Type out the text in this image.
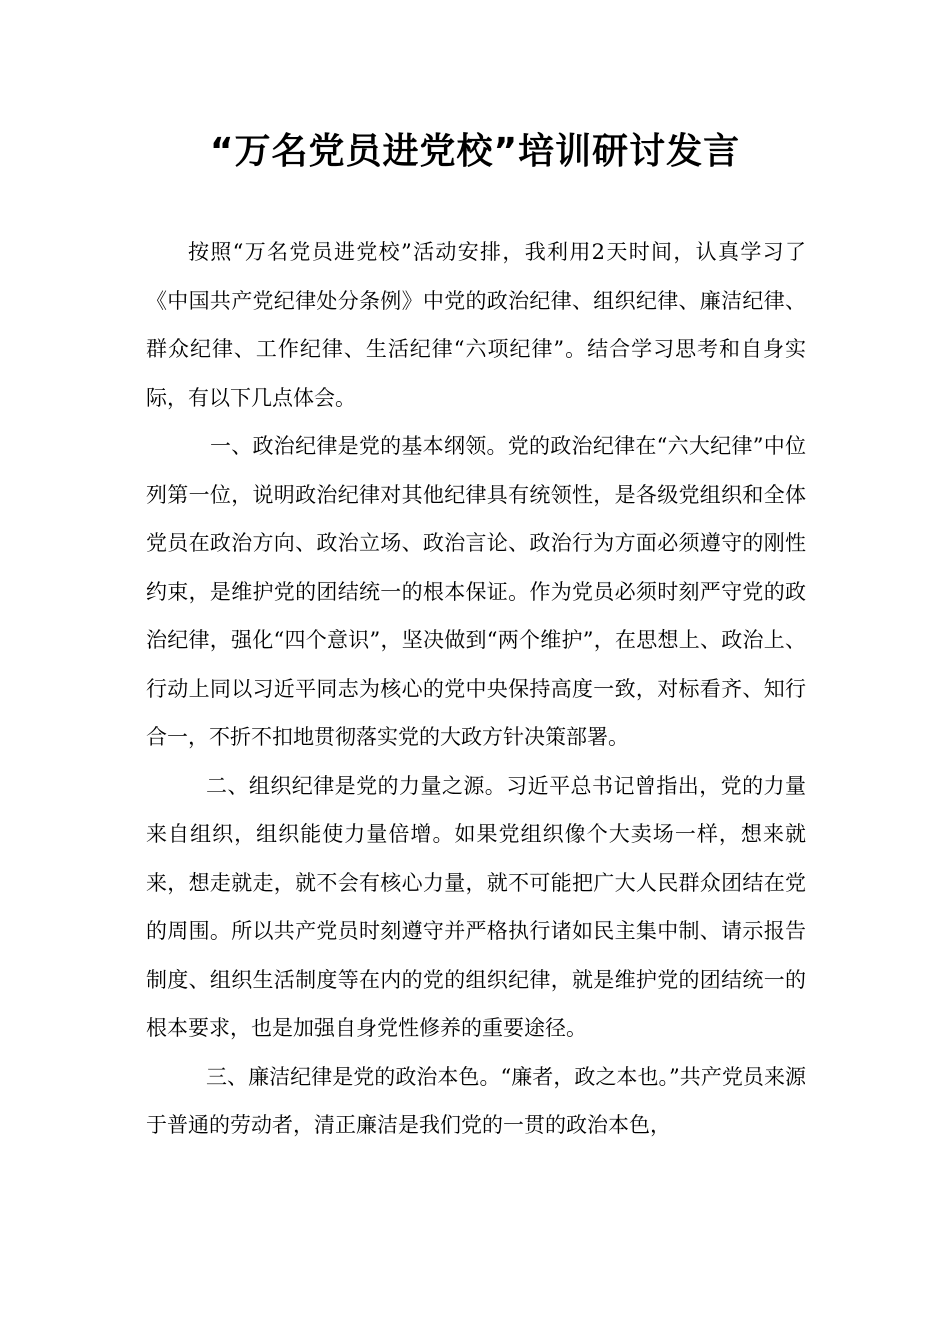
“万名党员进党校”培训研讨发言

按照“万名党员进党校”活动安排，我利用2天时间，认真学习了《中国共产党纪律处分条例》中党的政治纪律、组织纪律、廉洁纪律、群众纪律、工作纪律、生活纪律“六项纪律”。结合学习思考和自身实际，有以下几点体会。

一、政治纪律是党的基本纲领。党的政治纪律在“六大纪律”中位列第一位，说明政治纪律对其他纪律具有统领性，是各级党组织和全体党员在政治方向、政治立场、政治言论、政治行为方面必须遵守的刚性约束，是维护党的团结统一的根本保证。作为党员必须时刻严守党的政治纪律，强化“四个意识”，坚决做到“两个维护”，在思想上、政治上、行动上同以习近平同志为核心的党中央保持高度一致，对标看齐、知行合一，不折不扣地贯彻落实党的大政方针决策部署。

二、组织纪律是党的力量之源。习近平总书记曾指出，党的力量来自组织，组织能使力量倍增。如果党组织像个大卖场一样，想来就来，想走就走，就不会有核心力量，就不可能把广大人民群众团结在党的周围。所以共产党员时刻遵守并严格执行诸如民主集中制、请示报告制度、组织生活制度等在内的党的组织纪律，就是维护党的团结统一的根本要求，也是加强自身党性修养的重要途径。

三、廉洁纪律是党的政治本色。“廉者，政之本也。”共产党员来源于普通的劳动者，清正廉洁是我们党的一贯的政治本色，
